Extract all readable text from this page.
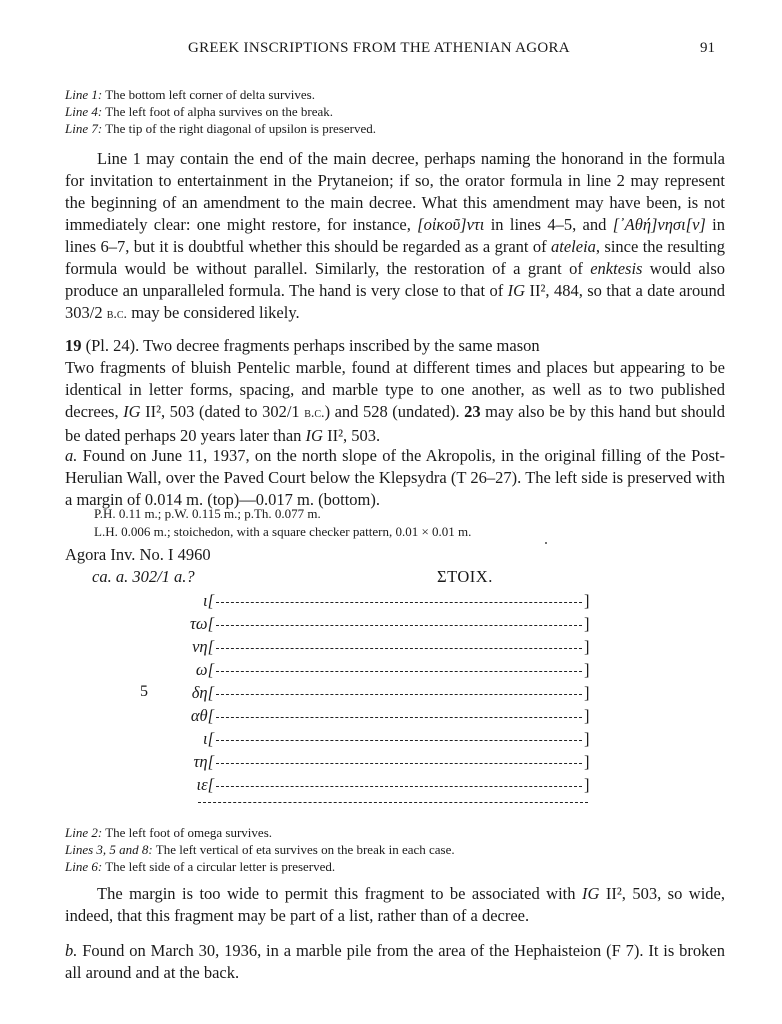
GREEK INSCRIPTIONS FROM THE ATHENIAN AGORA	91
Line 1: The bottom left corner of delta survives.
Line 4: The left foot of alpha survives on the break.
Line 7: The tip of the right diagonal of upsilon is preserved.
Line 1 may contain the end of the main decree, perhaps naming the honorand in the formula for invitation to entertainment in the Prytaneion; if so, the orator formula in line 2 may represent the beginning of an amendment to the main decree. What this amendment may have been, is not immediately clear: one might restore, for instance, [οἰκοῦ]ντι in lines 4–5, and [᾿Αθή]νησι[ν] in lines 6–7, but it is doubtful whether this should be regarded as a grant of ateleia, since the resulting formula would be without parallel. Similarly, the restoration of a grant of enktesis would also produce an unparalleled formula. The hand is very close to that of IG II², 484, so that a date around 303/2 b.c. may be considered likely.
19 (Pl. 24). Two decree fragments perhaps inscribed by the same mason
Two fragments of bluish Pentelic marble, found at different times and places but appearing to be identical in letter forms, spacing, and marble type to one another, as well as to two published decrees, IG II², 503 (dated to 302/1 b.c.) and 528 (undated). 23 may also be by this hand but should be dated perhaps 20 years later than IG II², 503.
a. Found on June 11, 1937, on the north slope of the Akropolis, in the original filling of the Post-Herulian Wall, over the Paved Court below the Klepsydra (T 26–27). The left side is preserved with a margin of 0.014 m. (top)—0.017 m. (bottom).
P.H. 0.11 m.; p.W. 0.115 m.; p.Th. 0.077 m.
L.H. 0.006 m.; stoichedon, with a square checker pattern, 0.01 × 0.01 m.
Agora Inv. No. I 4960
ca. a. 302/1 a.?	ΣΤΟΙΧ.
ι[	]
τω[	]
νη[	]
ω[	]
5	δη[	]
αθ[	]
ι[	]
τη[	]
ιε[	]
Line 2: The left foot of omega survives.
Lines 3, 5 and 8: The left vertical of eta survives on the break in each case.
Line 6: The left side of a circular letter is preserved.
The margin is too wide to permit this fragment to be associated with IG II², 503, so wide, indeed, that this fragment may be part of a list, rather than of a decree.
b. Found on March 30, 1936, in a marble pile from the area of the Hephaisteion (F 7). It is broken all around and at the back.
